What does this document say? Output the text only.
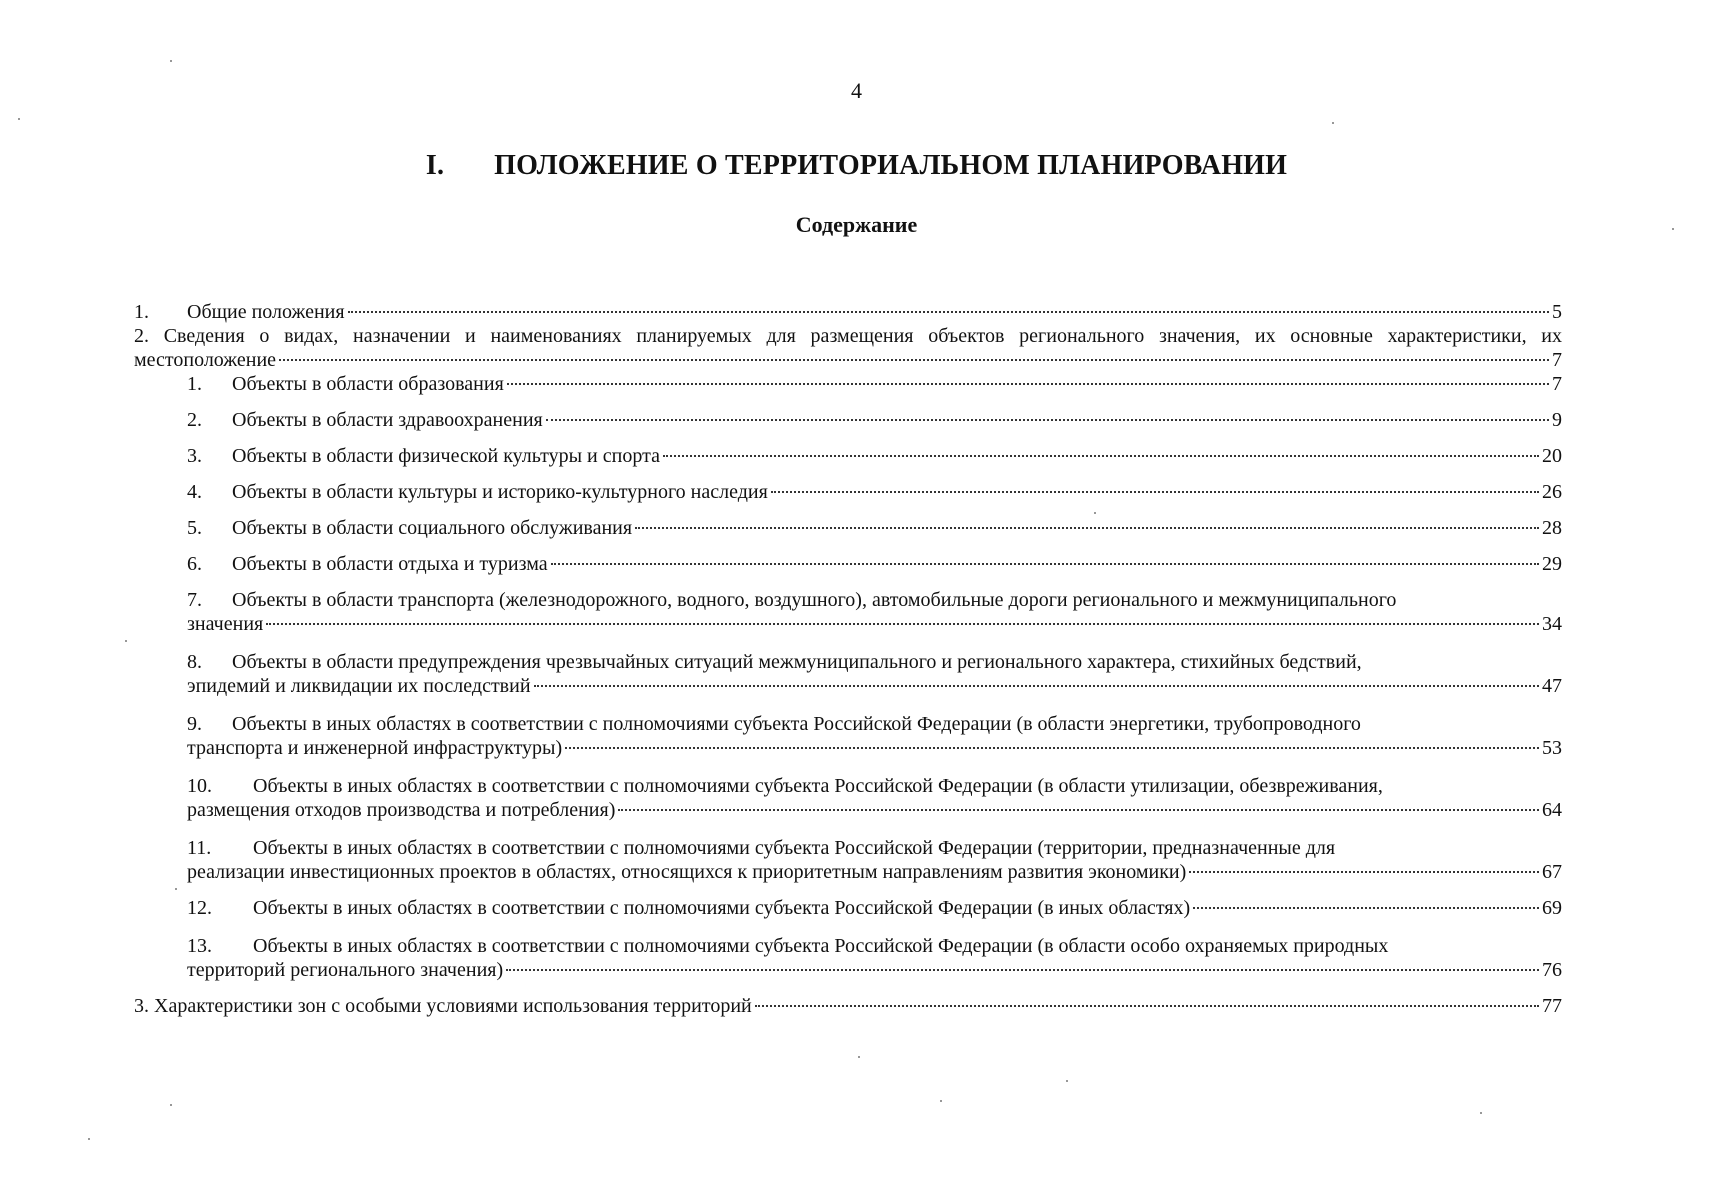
4
I. ПОЛОЖЕНИЕ О ТЕРРИТОРИАЛЬНОМ ПЛАНИРОВАНИИ
Содержание
1. Общие положения	5
2. Сведения о видах, назначении и наименованиях планируемых для размещения объектов регионального значения, их основные характеристики, их
местоположение	7
1. Объекты в области образования	7
2. Объекты в области здравоохранения	9
3. Объекты в области физической культуры и спорта	20
4. Объекты в области культуры и историко-культурного наследия	26
5. Объекты в области социального обслуживания	28
6. Объекты в области отдыха и туризма	29
7. Объекты в области транспорта (железнодорожного, водного, воздушного), автомобильные дороги регионального и межмуниципального
значения	34
8. Объекты в области предупреждения чрезвычайных ситуаций межмуниципального и регионального характера, стихийных бедствий,
эпидемий и ликвидации их последствий	47
9. Объекты в иных областях в соответствии с полномочиями субъекта Российской Федерации (в области энергетики, трубопроводного
транспорта и инженерной инфраструктуры)	53
10. Объекты в иных областях в соответствии с полномочиями субъекта Российской Федерации (в области утилизации, обезвреживания,
размещения отходов производства и потребления)	64
11. Объекты в иных областях в соответствии с полномочиями субъекта Российской Федерации (территории, предназначенные для
реализации инвестиционных проектов в областях, относящихся к приоритетным направлениям развития экономики)	67
12. Объекты в иных областях в соответствии с полномочиями субъекта Российской Федерации (в иных областях)	69
13. Объекты в иных областях в соответствии с полномочиями субъекта Российской Федерации (в области особо охраняемых природных
территорий регионального значения)	76
3. Характеристики зон с особыми условиями использования территорий	77
